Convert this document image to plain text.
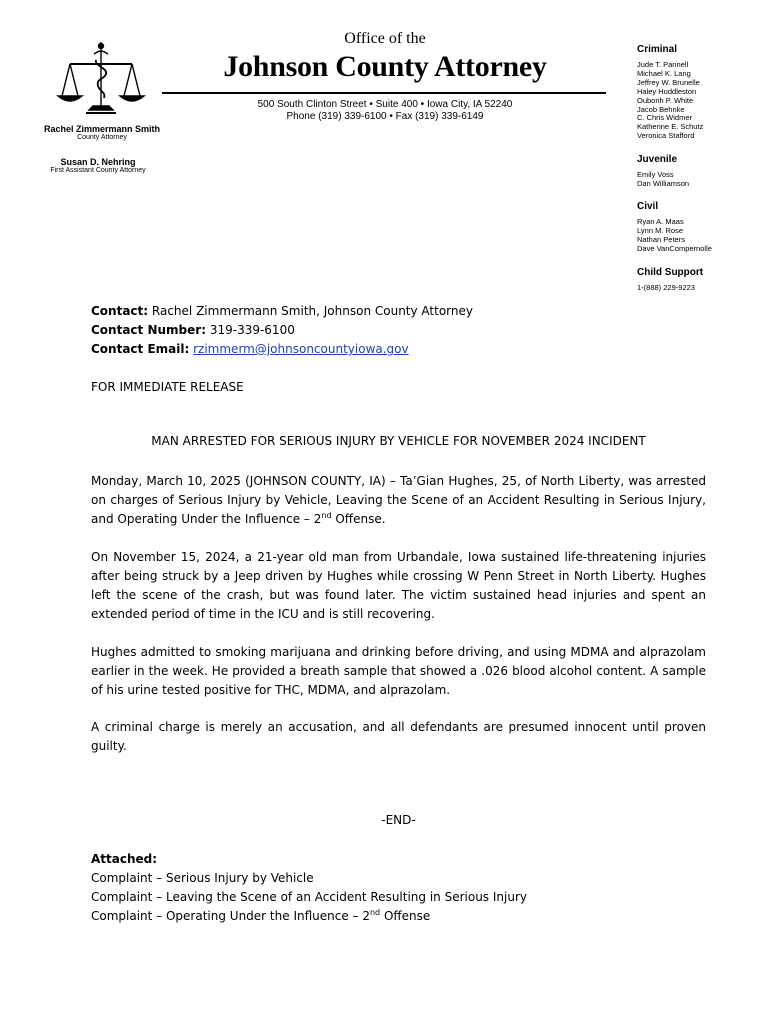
Office of the
Johnson County Attorney
500 South Clinton Street • Suite 400 • Iowa City, IA 52240
Phone (319) 339-6100 • Fax (319) 339-6149
Rachel Zimmermann Smith
County Attorney
Susan D. Nehring
First Assistant County Attorney
Criminal
Jude T. Pannell
Michael K. Lang
Jeffrey W. Brunelle
Haley Huddleston
Oubonh P. White
Jacob Behnke
C. Chris Widmer
Katherine E. Schutz
Veronica Stafford
Juvenile
Emily Voss
Dan Williamson
Civil
Ryan A. Maas
Lynn M. Rose
Nathan Peters
Dave VanCompernolle
Child Support
1-(888) 229-9223
Contact: Rachel Zimmermann Smith, Johnson County Attorney
Contact Number: 319-339-6100
Contact Email: rzimmerm@johnsoncountyiowa.gov
FOR IMMEDIATE RELEASE
MAN ARRESTED FOR SERIOUS INJURY BY VEHICLE FOR NOVEMBER 2024 INCIDENT
Monday, March 10, 2025 (JOHNSON COUNTY, IA) – Ta’Gian Hughes, 25, of North Liberty, was arrested on charges of Serious Injury by Vehicle, Leaving the Scene of an Accident Resulting in Serious Injury, and Operating Under the Influence – 2nd Offense.
On November 15, 2024, a 21-year old man from Urbandale, Iowa sustained life-threatening injuries after being struck by a Jeep driven by Hughes while crossing W Penn Street in North Liberty. Hughes left the scene of the crash, but was found later. The victim sustained head injuries and spent an extended period of time in the ICU and is still recovering.
Hughes admitted to smoking marijuana and drinking before driving, and using MDMA and alprazolam earlier in the week. He provided a breath sample that showed a .026 blood alcohol content. A sample of his urine tested positive for THC, MDMA, and alprazolam.
A criminal charge is merely an accusation, and all defendants are presumed innocent until proven guilty.
-END-
Attached:
Complaint – Serious Injury by Vehicle
Complaint – Leaving the Scene of an Accident Resulting in Serious Injury
Complaint – Operating Under the Influence – 2nd Offense
